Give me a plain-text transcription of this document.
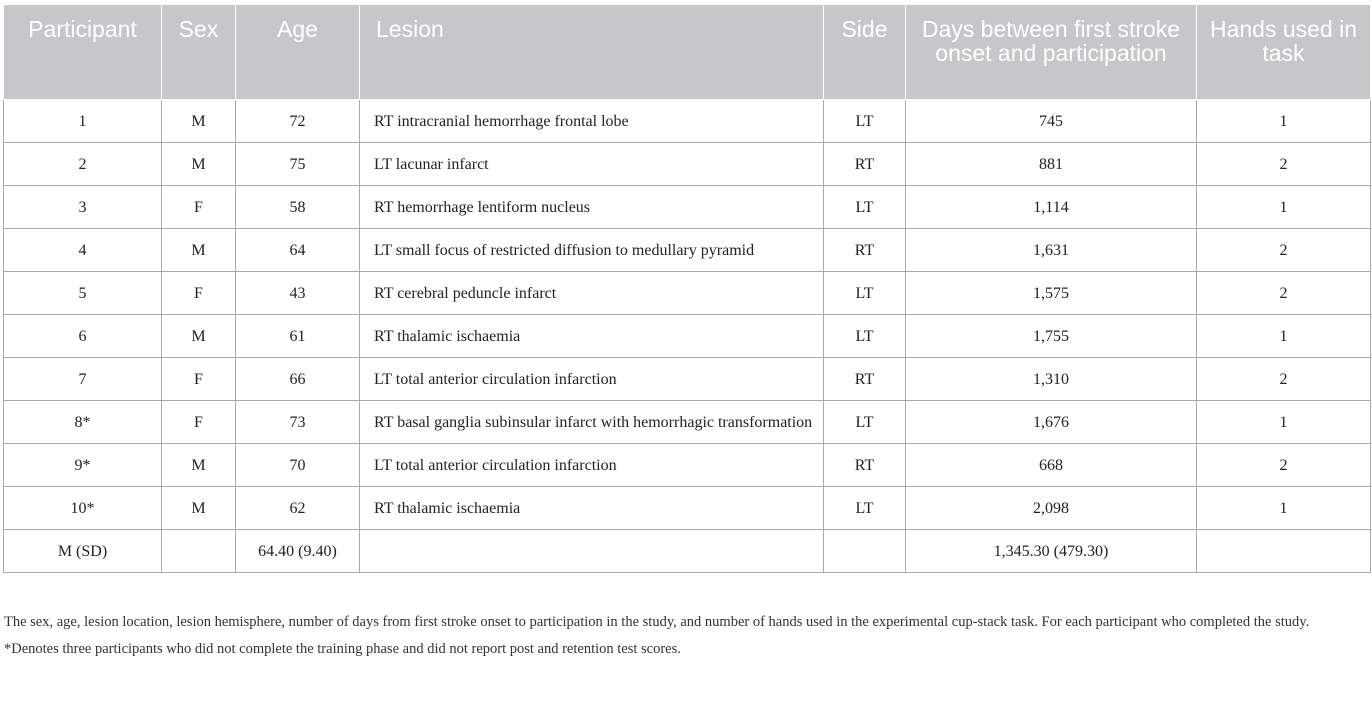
Participant	Sex	Age	Lesion	Side	Days between first stroke onset and participation	Hands used in task
1	M	72	RT intracranial hemorrhage frontal lobe	LT	745	1
2	M	75	LT lacunar infarct	RT	881	2
3	F	58	RT hemorrhage lentiform nucleus	LT	1,114	1
4	M	64	LT small focus of restricted diffusion to medullary pyramid	RT	1,631	2
5	F	43	RT cerebral peduncle infarct	LT	1,575	2
6	M	61	RT thalamic ischaemia	LT	1,755	1
7	F	66	LT total anterior circulation infarction	RT	1,310	2
8*	F	73	RT basal ganglia subinsular infarct with hemorrhagic transformation	LT	1,676	1
9*	M	70	LT total anterior circulation infarction	RT	668	2
10*	M	62	RT thalamic ischaemia	LT	2,098	1
M (SD)		64.40 (9.40)			1,345.30 (479.30)	

The sex, age, lesion location, lesion hemisphere, number of days from first stroke onset to participation in the study, and number of hands used in the experimental cup-stack task. For each participant who completed the study.

*Denotes three participants who did not complete the training phase and did not report post and retention test scores.
